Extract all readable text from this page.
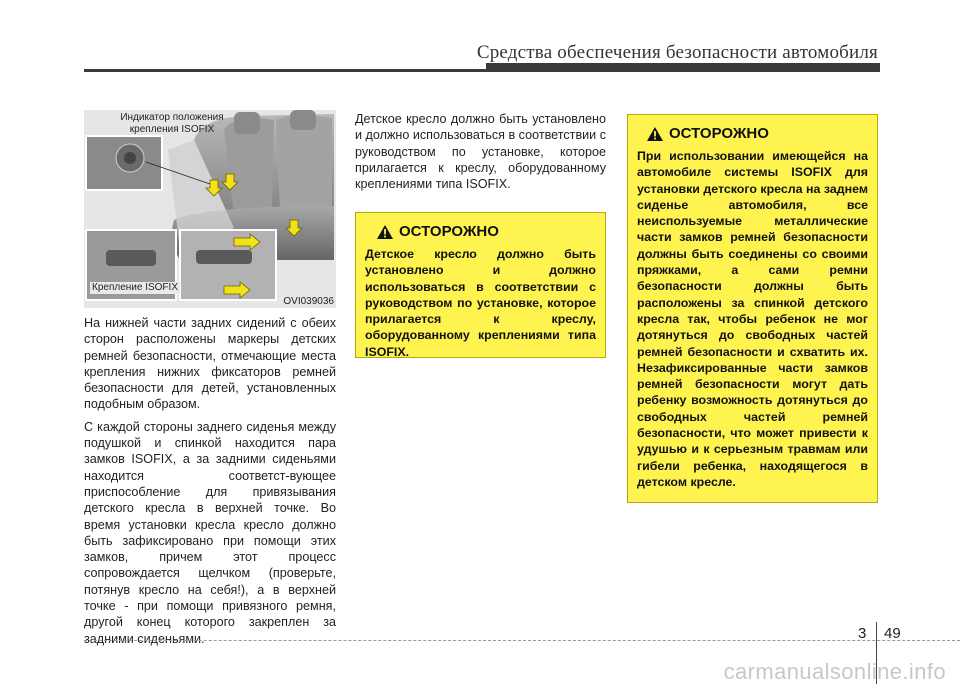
Средства обеспечения безопасности автомобиля
Индикатор положения крепления ISOFIX
Крепление ISOFIX
OVI039036

На нижней части задних сидений с обеих сторон расположены маркеры детских ремней безопасности, отмечающие места крепления нижних фиксаторов ремней безопасности для детей, установленных подобным образом.

С каждой стороны заднего сиденья между подушкой и спинкой находится пара замков ISOFIX, а за задними сиденьями находится соответст-вующее приспособление для привязывания детского кресла в верхней точке. Во время установки кресла кресло должно быть зафиксировано при помощи этих замков, причем этот процесс сопровождается щелчком (проверьте, потянув кресло на себя!), а в верхней точке - при помощи привязного ремня, другой конец которого закреплен за задними сиденьями.

Детское кресло должно быть установлено и должно использоваться в соответствии с руководством по установке, которое прилагается к креслу, оборудованному креплениями типа ISOFIX.

ОСТОРОЖНО
Детское кресло должно быть установлено и должно использоваться в соответствии с руководством по установке, которое прилагается к креслу, оборудованному креплениями типа ISOFIX.
ОСТОРОЖНО
При использовании имеющейся на автомобиле системы ISOFIX для установки детского кресла на заднем сиденье автомобиля, все неиспользуемые металлические части замков ремней безопасности должны быть соединены со своими пряжками, а сами ремни безопасности должны быть расположены за спинкой детского кресла так, чтобы ребенок не мог дотянуться до свободных частей ремней безопасности и схватить их. Незафиксированные части замков ремней безопасности могут дать ребенку возможность дотянуться до свободных частей ремней безопасности, что может привести к удушью и к серьезным травмам или гибели ребенка, находящегося в детском кресле.
3 49
carmanualsonline.info
